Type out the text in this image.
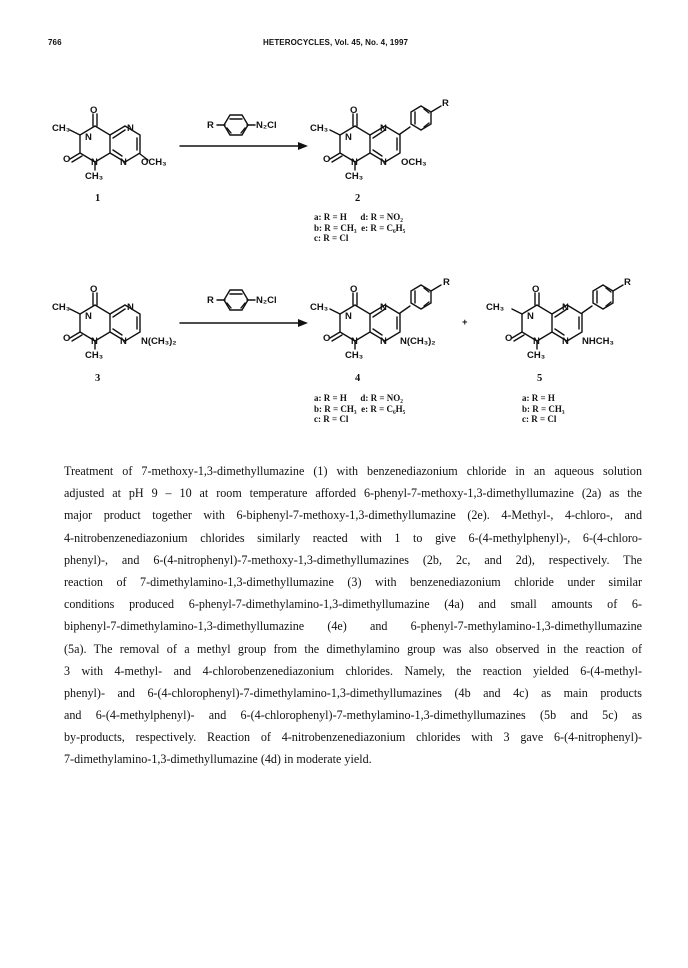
766	HETEROCYCLES, Vol. 45, No. 4, 1997
O
CH₃
N
N
O N N OCH₃
CH₃
1
R	N₂Cl
O
CH₃
N
N
O N N OCH₃
CH₃
R
2
O
CH₃
N
N
O N N N(CH₃)₂
CH₃
3
R	N₂Cl
O
CH₃
N
N
O N N N(CH₃)₂
CH₃
R
4
+
O
CH₃
N
N
O N N NHCH₃
CH₃
R
5
a: R = H      d: R = NO₂
b: R = CH₃  e: R = C₆H₅
c: R = Cl
a: R = H      d: R = NO₂
b: R = CH₃  e: R = C₆H₅
c: R = Cl
a: R = H
b: R = CH₃
c: R = Cl
Treatment of 7-methoxy-1,3-dimethyllumazine (1) with benzenediazonium chloride in an aqueous solution
adjusted at pH 9 – 10 at room temperature afforded 6-phenyl-7-methoxy-1,3-dimethyllumazine (2a) as the
major product together with 6-biphenyl-7-methoxy-1,3-dimethyllumazine (2e). 4-Methyl-, 4-chloro-, and
4-nitrobenzenediazonium chlorides similarly reacted with 1 to give 6-(4-methylphenyl)-, 6-(4-chloro-
phenyl)-, and 6-(4-nitrophenyl)-7-methoxy-1,3-dimethyllumazines (2b, 2c, and 2d), respectively. The
reaction of 7-dimethylamino-1,3-dimethyllumazine (3) with benzenediazonium chloride under similar
conditions produced 6-phenyl-7-dimethylamino-1,3-dimethyllumazine (4a) and small amounts of 6-
biphenyl-7-dimethylamino-1,3-dimethyllumazine (4e) and 6-phenyl-7-methylamino-1,3-dimethyllumazine
(5a). The removal of a methyl group from the dimethylamino group was also observed in the reaction of
3 with 4-methyl- and 4-chlorobenzenediazonium chlorides. Namely, the reaction yielded 6-(4-methyl-
phenyl)- and 6-(4-chlorophenyl)-7-dimethylamino-1,3-dimethyllumazines (4b and 4c) as main products
and 6-(4-methylphenyl)- and 6-(4-chlorophenyl)-7-methylamino-1,3-dimethyllumazines (5b and 5c) as
by-products, respectively. Reaction of 4-nitrobenzenediazonium chlorides with 3 gave 6-(4-nitrophenyl)-
7-dimethylamino-1,3-dimethyllumazine (4d) in moderate yield.
